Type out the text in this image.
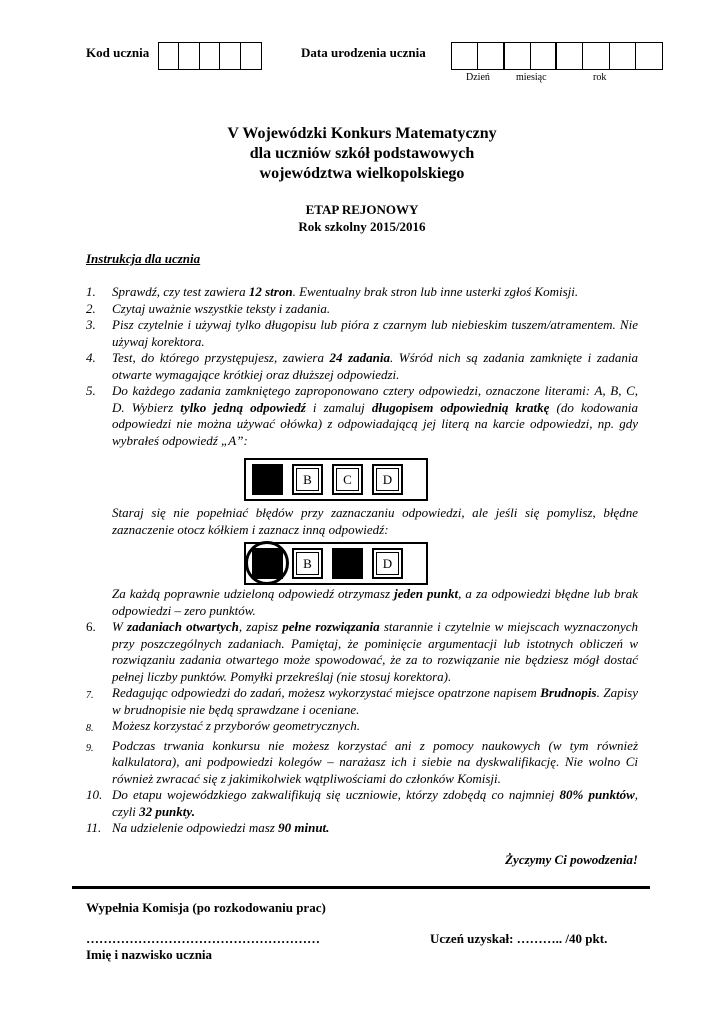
Kod ucznia	Data urodzenia ucznia
Dzień	miesiąc	rok
V Wojewódzki Konkurs Matematyczny
dla uczniów szkół podstawowych
województwa wielkopolskiego
ETAP REJONOWY
Rok szkolny 2015/2016
Instrukcja dla ucznia
1.	Sprawdź, czy test zawiera 12 stron. Ewentualny brak stron lub inne usterki zgłoś Komisji.
2.	Czytaj uważnie wszystkie teksty i zadania.
3.	Pisz czytelnie i używaj tylko długopisu lub pióra z czarnym lub niebieskim tuszem/atramentem. Nie używaj korektora.
4.	Test, do którego przystępujesz, zawiera 24 zadania. Wśród nich są zadania zamknięte i zadania otwarte wymagające krótkiej oraz dłuższej odpowiedzi.
5.	Do każdego zadania zamkniętego zaproponowano cztery odpowiedzi, oznaczone literami: A, B, C, D. Wybierz tylko jedną odpowiedź i zamaluj długopisem odpowiednią kratkę (do kodowania odpowiedzi nie można używać ołówka) z odpowiadającą jej literą na karcie odpowiedzi, np. gdy wybrałeś odpowiedź „A”:
B	C	D
Staraj się nie popełniać błędów przy zaznaczaniu odpowiedzi, ale jeśli się pomylisz, błędne zaznaczenie otocz kółkiem i zaznacz inną odpowiedź:
B	D
Za każdą poprawnie udzieloną odpowiedź otrzymasz jeden punkt, a za odpowiedzi błędne lub brak odpowiedzi – zero punktów.
6.	W zadaniach otwartych, zapisz pełne rozwiązania starannie i czytelnie w miejscach wyznaczonych przy poszczególnych zadaniach. Pamiętaj, że pominięcie argumentacji lub istotnych obliczeń w rozwiązaniu zadania otwartego może spowodować, że za to rozwiązanie nie będziesz mógł dostać pełnej liczby punktów. Pomyłki przekreślaj (nie stosuj korektora).
7.	Redagując odpowiedzi do zadań, możesz wykorzystać miejsce opatrzone napisem Brudnopis. Zapisy w brudnopisie nie będą sprawdzane i oceniane.
8.	Możesz korzystać z przyborów geometrycznych.
9.	Podczas trwania konkursu nie możesz korzystać ani z pomocy naukowych (w tym również kalkulatora), ani podpowiedzi kolegów – narażasz ich i siebie na dyskwalifikację. Nie wolno Ci również zwracać się z jakimikolwiek wątpliwościami do członków Komisji.
10. Do etapu wojewódzkiego zakwalifikują się uczniowie, którzy zdobędą co najmniej 80% punktów, czyli 32 punkty.
11. Na udzielenie odpowiedzi masz 90 minut.
Życzymy Ci powodzenia!
Wypełnia Komisja (po rozkodowaniu prac)
………………………………………………
Imię i nazwisko ucznia
Uczeń uzyskał: ……….. /40 pkt.
